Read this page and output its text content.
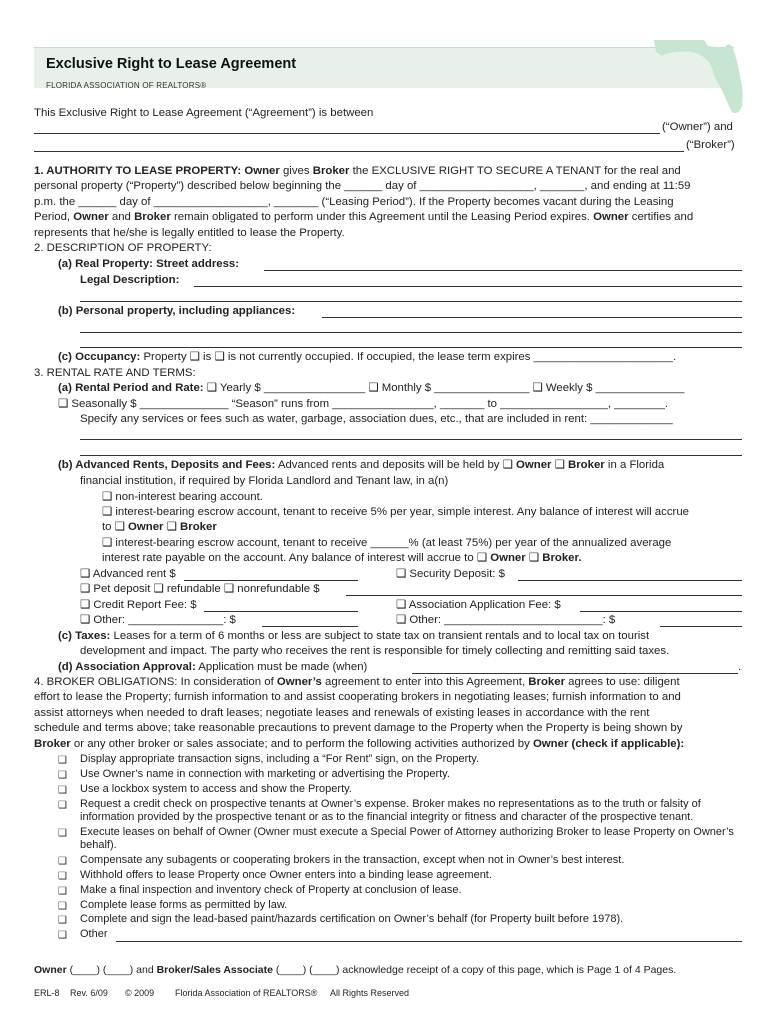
Exclusive Right to Lease Agreement
FLORIDA ASSOCIATION OF REALTORS®
This Exclusive Right to Lease Agreement (“Agreement”) is between
(“Owner”) and
(“Broker”)
1. AUTHORITY TO LEASE PROPERTY: Owner gives Broker the EXCLUSIVE RIGHT TO SECURE A TENANT for the real and
personal property (“Property”) described below beginning the ______ day of __________________, _______, and ending at 11:59
p.m. the ______ day of __________________, _______ (“Leasing Period”). If the Property becomes vacant during the Leasing
Period, Owner and Broker remain obligated to perform under this Agreement until the Leasing Period expires. Owner certifies and
represents that he/she is legally entitled to lease the Property.
2. DESCRIPTION OF PROPERTY:
(a) Real Property: Street address:
Legal Description:
(b) Personal property, including appliances:
(c) Occupancy: Property ❑ is ❑ is not currently occupied. If occupied, the lease term expires ______________________.
3. RENTAL RATE AND TERMS:
(a) Rental Period and Rate: ❑ Yearly $ ________________ ❑ Monthly $ _______________ ❑ Weekly $ ______________
❑ Seasonally $ ______________ “Season” runs from ________________, _______ to _________________, ________.
Specify any services or fees such as water, garbage, association dues, etc., that are included in rent: _____________
(b) Advanced Rents, Deposits and Fees: Advanced rents and deposits will be held by ❑ Owner ❑ Broker in a Florida
financial institution, if required by Florida Landlord and Tenant law, in a(n)
❑ non-interest bearing account.
❑ interest-bearing escrow account, tenant to receive 5% per year, simple interest. Any balance of interest will accrue
to ❑ Owner ❑ Broker
❑ interest-bearing escrow account, tenant to receive ______% (at least 75%) per year of the annualized average
interest rate payable on the account. Any balance of interest will accrue to ❑ Owner ❑ Broker.
❑ Advanced rent $	❑ Security Deposit: $
❑ Pet deposit ❑ refundable ❑ nonrefundable $
❑ Credit Report Fee: $	❑ Association Application Fee: $
❑ Other: _______________: $	❑ Other: _________________________: $
(c) Taxes: Leases for a term of 6 months or less are subject to state tax on transient rentals and to local tax on tourist
development and impact. The party who receives the rent is responsible for timely collecting and remitting said taxes.
(d) Association Approval: Application must be made (when)	.
4. BROKER OBLIGATIONS: In consideration of Owner’s agreement to enter into this Agreement, Broker agrees to use: diligent
effort to lease the Property; furnish information to and assist cooperating brokers in negotiating leases; furnish information to and
assist attorneys when needed to draft leases; negotiate leases and renewals of existing leases in accordance with the rent
schedule and terms above; take reasonable precautions to prevent damage to the Property when the Property is being shown by
Broker or any other broker or sales associate; and to perform the following activities authorized by Owner (check if applicable):
❑ Display appropriate transaction signs, including a “For Rent” sign, on the Property.
❑ Use Owner’s name in connection with marketing or advertising the Property.
❑ Use a lockbox system to access and show the Property.
❑ Request a credit check on prospective tenants at Owner’s expense. Broker makes no representations as to the truth or falsity of information provided by the prospective tenant or as to the financial integrity or fitness and character of the prospective tenant.
❑ Execute leases on behalf of Owner (Owner must execute a Special Power of Attorney authorizing Broker to lease Property on Owner’s behalf).
❑ Compensate any subagents or cooperating brokers in the transaction, except when not in Owner’s best interest.
❑ Withhold offers to lease Property once Owner enters into a binding lease agreement.
❑ Make a final inspection and inventory check of Property at conclusion of lease.
❑ Complete lease forms as permitted by law.
❑ Complete and sign the lead-based paint/hazards certification on Owner’s behalf (for Property built before 1978).
❑ Other
Owner (____) (____) and Broker/Sales Associate (____) (____) acknowledge receipt of a copy of this page, which is Page 1 of 4 Pages.
ERL-8 Rev. 6/09 © 2009 Florida Association of REALTORS® All Rights Reserved
